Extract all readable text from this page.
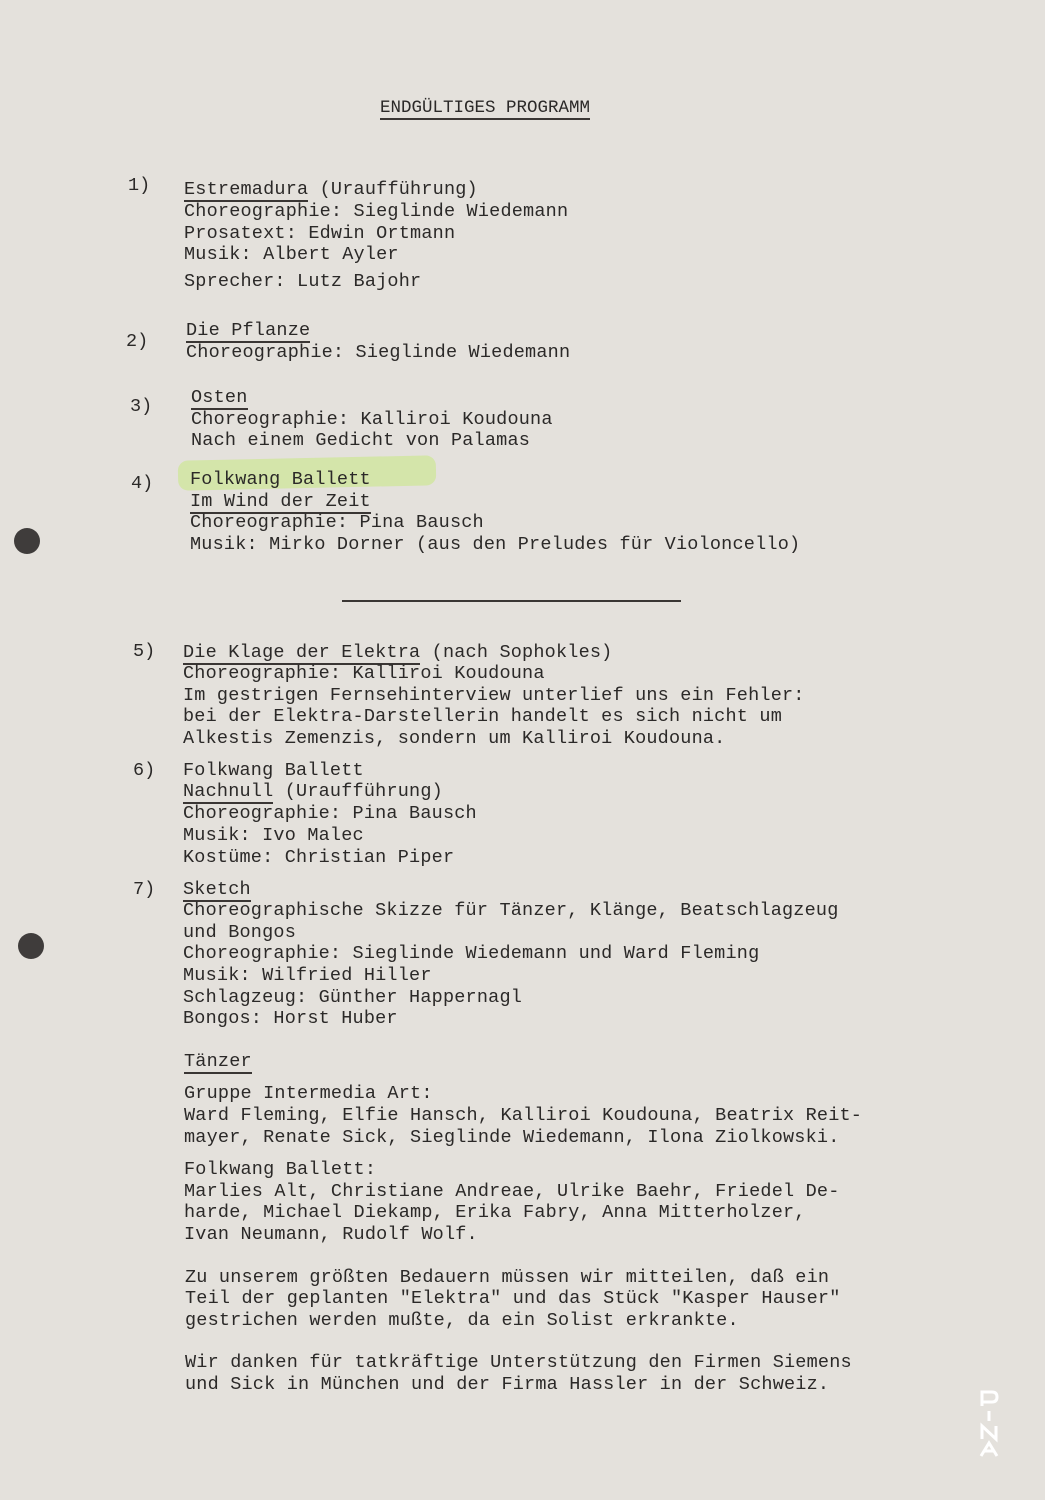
ENDGÜLTIGES PROGRAMM
1) Estremadura (Uraufführung)
Choreographie: Sieglinde Wiedemann
Prosatext: Edwin Ortmann
Musik: Albert Ayler
Sprecher: Lutz Bajohr
2)
Die Pflanze
Choreographie: Sieglinde Wiedemann
3) Osten
Choreographie: Kalliroi Koudouna
Nach einem Gedicht von Palamas
4) Folkwang Ballett
Im Wind der Zeit
Choreographie: Pina Bausch
Musik: Mirko Dorner (aus den Preludes für Violoncello)
5) Die Klage der Elektra (nach Sophokles)
Choreographie: Kalliroi Koudouna
Im gestrigen Fernsehinterview unterlief uns ein Fehler:
bei der Elektra-Darstellerin handelt es sich nicht um
Alkestis Zemenzis, sondern um Kalliroi Koudouna.
6) Folkwang Ballett
Nachnull (Uraufführung)
Choreographie: Pina Bausch
Musik: Ivo Malec
Kostüme: Christian Piper
7) Sketch
Choreographische Skizze für Tänzer, Klänge, Beatschlagzeug
und Bongos
Choreographie: Sieglinde Wiedemann und Ward Fleming
Musik: Wilfried Hiller
Schlagzeug: Günther Happernagl
Bongos: Horst Huber
Tänzer
Gruppe Intermedia Art:
Ward Fleming, Elfie Hansch, Kalliroi Koudouna, Beatrix Reit-
mayer, Renate Sick, Sieglinde Wiedemann, Ilona Ziolkowski.
Folkwang Ballett:
Marlies Alt, Christiane Andreae, Ulrike Baehr, Friedel De-
harde, Michael Diekamp, Erika Fabry, Anna Mitterholzer,
Ivan Neumann, Rudolf Wolf.
Zu unserem größten Bedauern müssen wir mitteilen, daß ein
Teil der geplanten "Elektra" und das Stück "Kasper Hauser"
gestrichen werden mußte, da ein Solist erkrankte.
Wir danken für tatkräftige Unterstützung den Firmen Siemens
und Sick in München und der Firma Hassler in der Schweiz.
